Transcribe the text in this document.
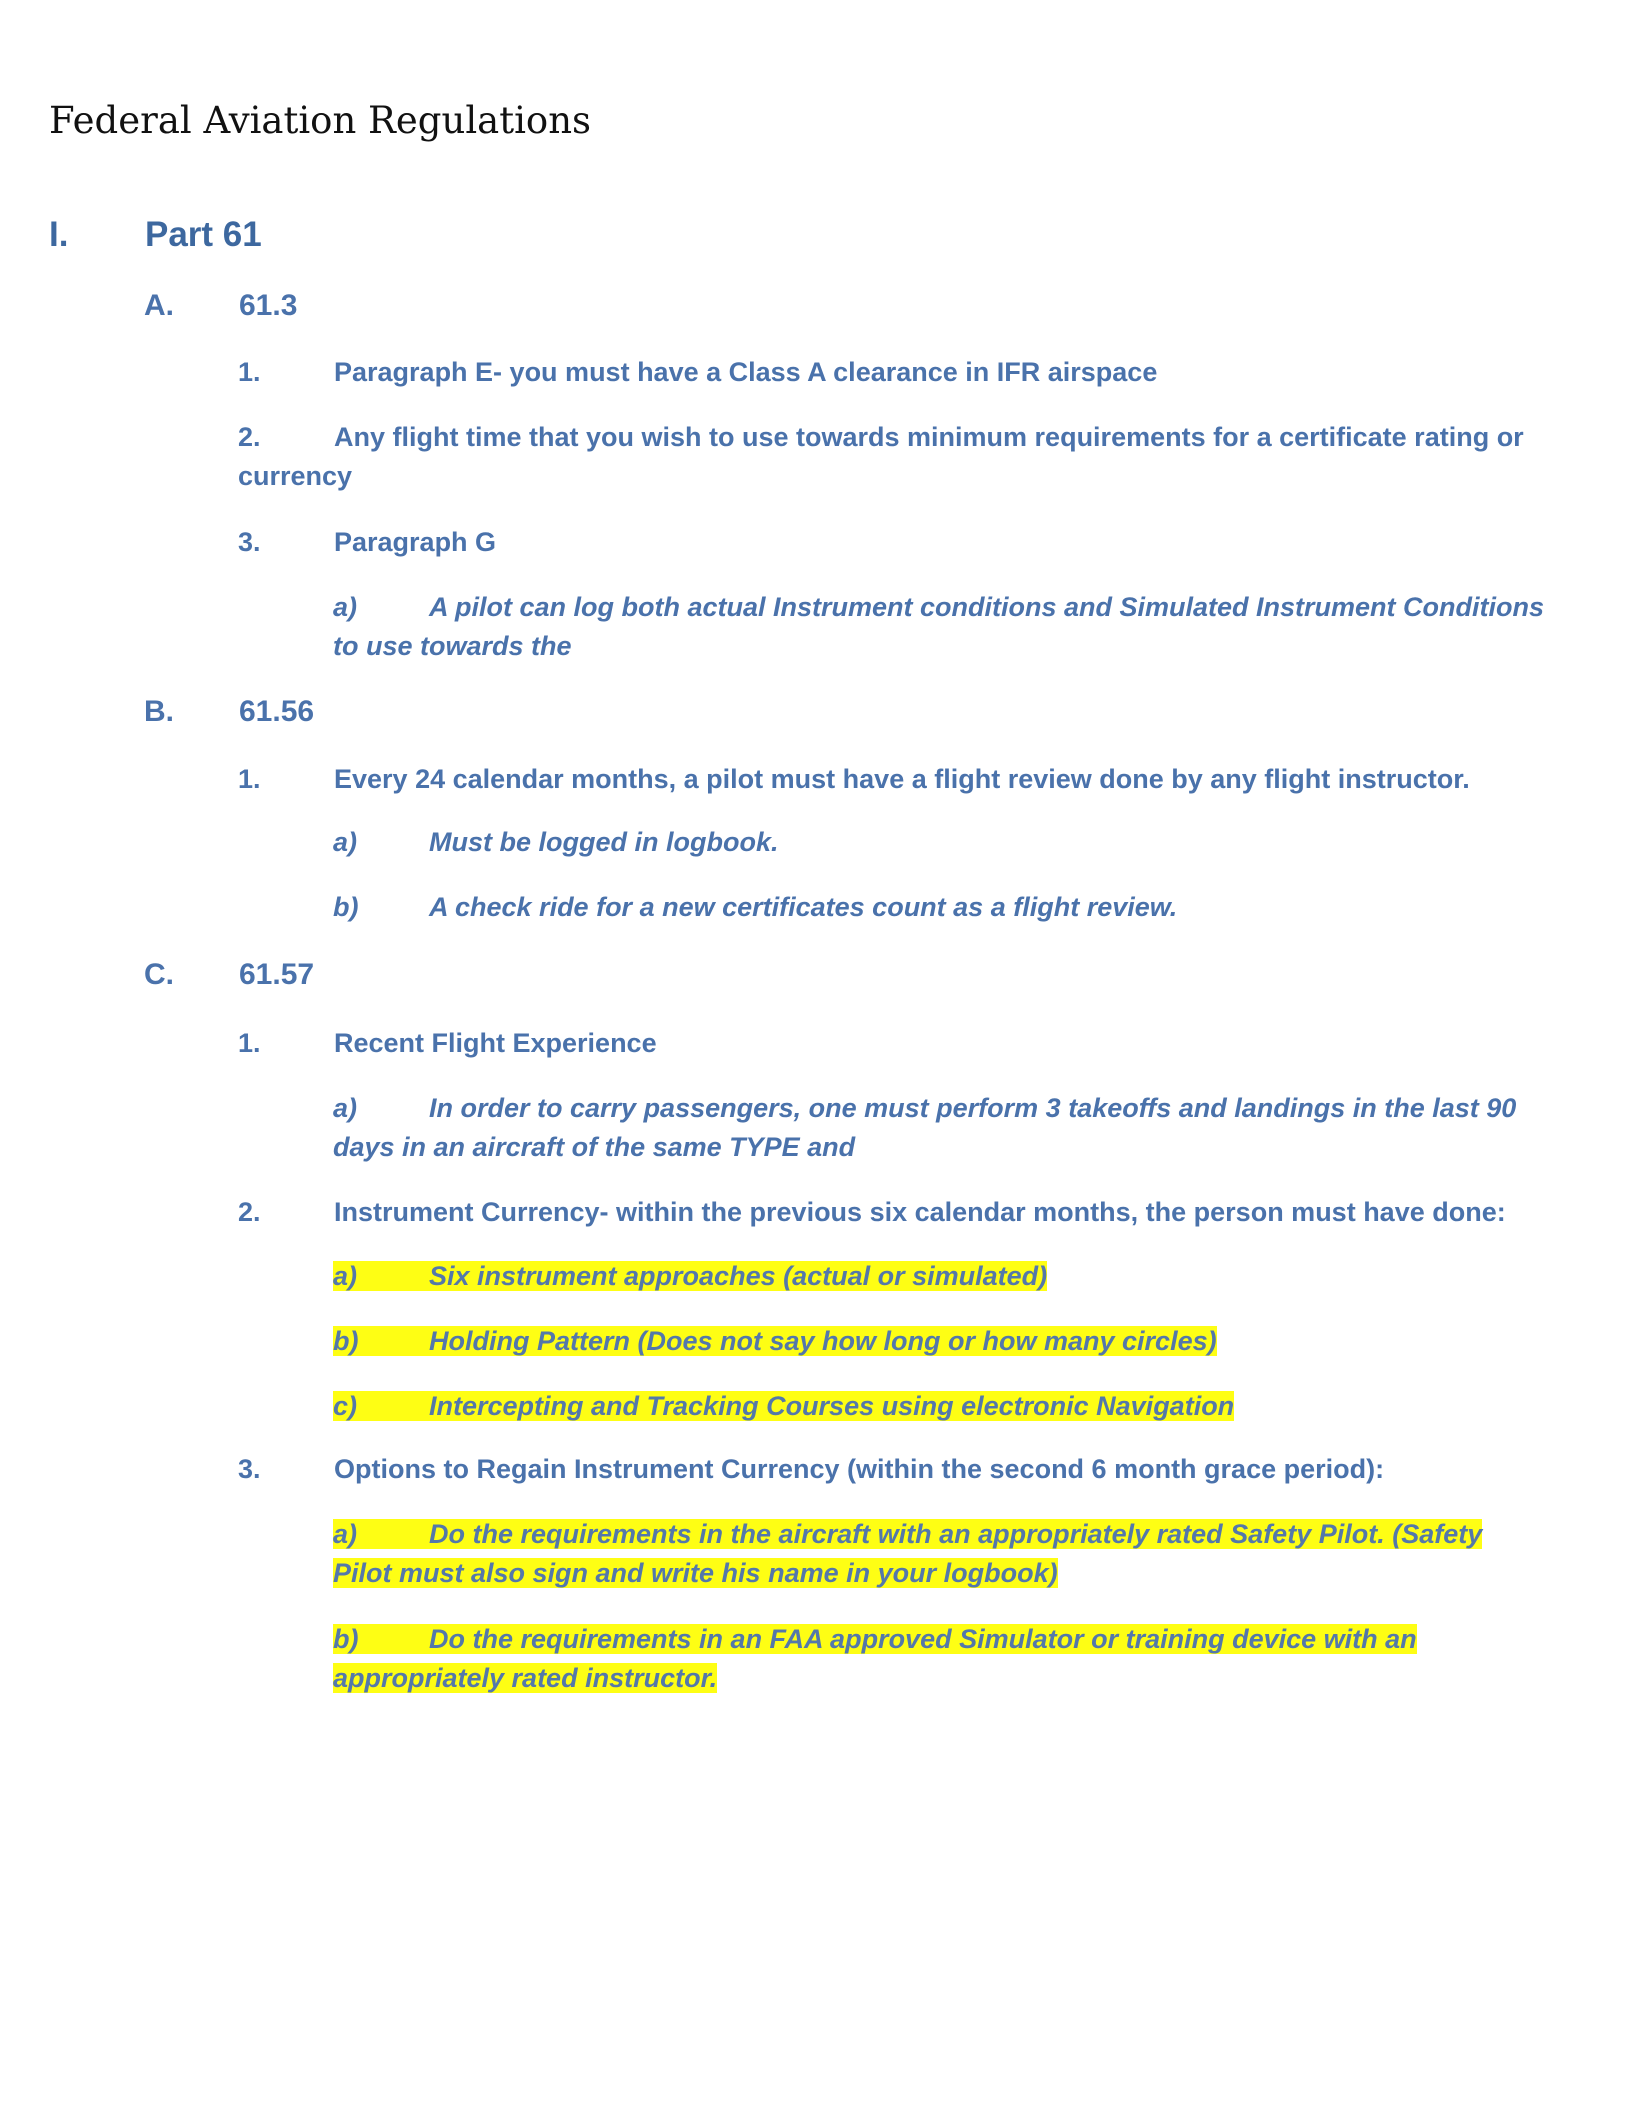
Federal Aviation Regulations
I. Part 61
A. 61.3
1.	Paragraph E- you must have a Class A clearance in IFR airspace
2.	Any flight time that you wish to use towards minimum requirements for a certificate rating or
currency
3.	Paragraph G
a)	A pilot can log both actual Instrument conditions and Simulated Instrument Conditions
to use towards the
B. 61.56
1.	Every 24 calendar months, a pilot must have a flight review done by any flight instructor.
a)	Must be logged in logbook.
b)	A check ride for a new certificates count as a flight review.
C. 61.57
1.	Recent Flight Experience
a)	In order to carry passengers, one must perform 3 takeoffs and landings in the last 90
days in an aircraft of the same TYPE and
2.	Instrument Currency- within the previous six calendar months, the person must have done:
a)	Six instrument approaches (actual or simulated)
b)	Holding Pattern (Does not say how long or how many circles)
c)	Intercepting and Tracking Courses using electronic Navigation
3.	Options to Regain Instrument Currency (within the second 6 month grace period):
a)	Do the requirements in the aircraft with an appropriately rated Safety Pilot. (Safety
Pilot must also sign and write his name in your logbook)
b)	Do the requirements in an FAA approved Simulator or training device with an
appropriately rated instructor.
